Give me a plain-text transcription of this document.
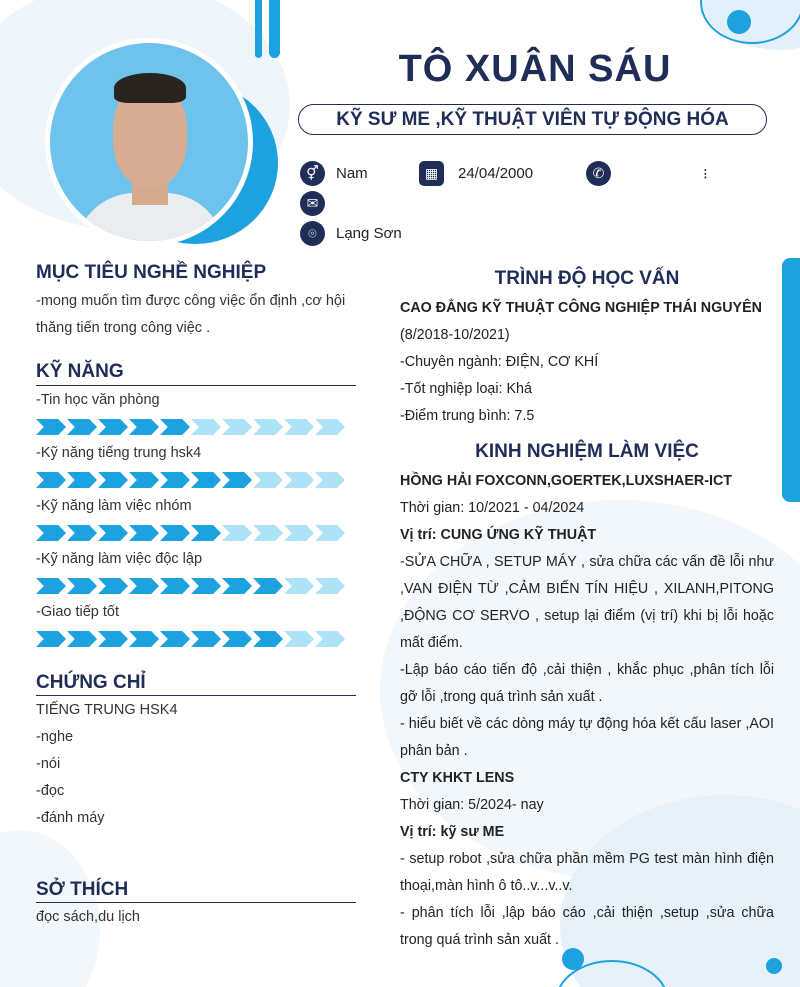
TÔ XUÂN SÁU
KỸ SƯ ME ,KỸ THUẬT VIÊN TỰ ĐỘNG HÓA
⚥	Nam	▦	24/04/2000	✆	⁝
✉
⌾	Lạng Sơn
MỤC TIÊU NGHỀ NGHIỆP
-mong muốn tìm được công việc ổn định ,cơ hội
thăng tiến trong công việc .
KỸ NĂNG
-Tin học văn phòng
-Kỹ năng tiếng trung hsk4
-Kỹ năng làm việc nhóm
-Kỹ năng làm việc độc lập
-Giao tiếp tốt
CHỨNG CHỈ
TIẾNG TRUNG HSK4
-nghe
-nói
-đọc
-đánh máy
SỞ THÍCH
đọc sách,du lịch
TRÌNH ĐỘ HỌC VẤN
CAO ĐẲNG KỸ THUẬT CÔNG NGHIỆP THÁI NGUYÊN
(8/2018-10/2021)
-Chuyên ngành: ĐIỆN, CƠ KHÍ
-Tốt nghiệp loại: Khá
-Điểm trung bình: 7.5
KINH NGHIỆM LÀM VIỆC
HỒNG HẢI FOXCONN,GOERTEK,LUXSHAER-ICT
Thời gian: 10/2021 - 04/2024
Vị trí: CUNG ỨNG KỸ THUẬT
-SỬA CHỮA , SETUP MÁY , sửa chữa các vấn đề lỗi như ,VAN ĐIỆN TỪ ,CẢM BIẾN TÍN HIỆU , XILANH,PITONG ,ĐỘNG CƠ SERVO , setup lại điểm (vị trí) khi bị lỗi hoặc mất điểm.
-Lập báo cáo tiến độ ,cải thiện , khắc phục ,phân tích lỗi gỡ lỗi ,trong quá trình sản xuất .
- hiểu biết về các dòng máy tự động hóa kết cấu laser ,AOI phân bản .
CTY KHKT LENS
Thời gian: 5/2024- nay
Vị trí: kỹ sư ME
- setup robot ,sửa chữa phần mềm PG test màn hình điện thoại,màn hình ô tô..v...v..v.
- phân tích lỗi ,lập báo cáo ,cải thiện ,setup ,sửa chữa trong quá trình sản xuất .
